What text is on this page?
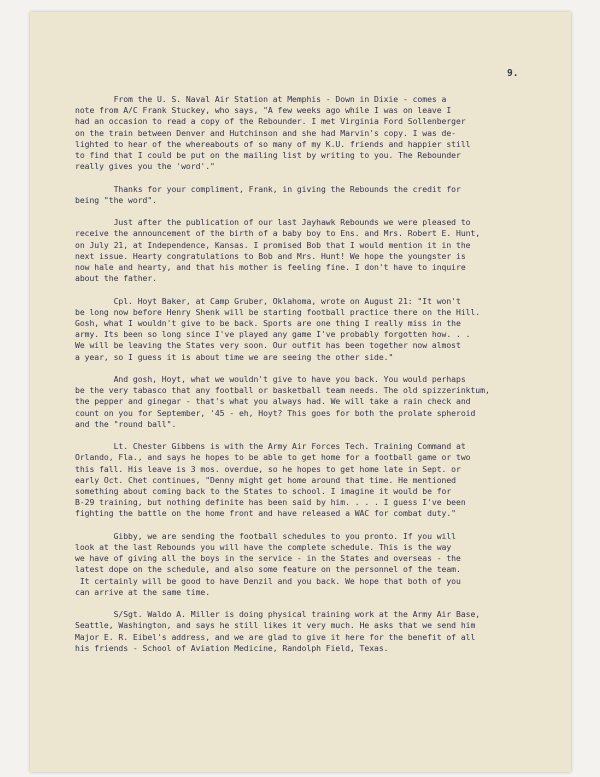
9.
From the U. S. Naval Air Station at Memphis - Down in Dixie - comes a
note from A/C Frank Stuckey, who says, "A few weeks ago while I was on leave I
had an occasion to read a copy of the Rebounder. I met Virginia Ford Sollenberger
on the train between Denver and Hutchinson and she had Marvin's copy. I was de-
lighted to hear of the whereabouts of so many of my K.U. friends and happier still
to find that I could be put on the mailing list by writing to you. The Rebounder
really gives you the 'word'."
Thanks for your compliment, Frank, in giving the Rebounds the credit for
being "the word".
Just after the publication of our last Jayhawk Rebounds we were pleased to
receive the announcement of the birth of a baby boy to Ens. and Mrs. Robert E. Hunt,
on July 21, at Independence, Kansas. I promised Bob that I would mention it in the
next issue. Hearty congratulations to Bob and Mrs. Hunt! We hope the youngster is
now hale and hearty, and that his mother is feeling fine. I don't have to inquire
about the father.
Cpl. Hoyt Baker, at Camp Gruber, Oklahoma, wrote on August 21: "It won't
be long now before Henry Shenk will be starting football practice there on the Hill.
Gosh, what I wouldn't give to be back. Sports are one thing I really miss in the
army. Its been so long since I've played any game I've probably forgotten how. . .
We will be leaving the States very soon. Our outfit has been together now almost
a year, so I guess it is about time we are seeing the other side."
And gosh, Hoyt, what we wouldn't give to have you back. You would perhaps
be the very tabasco that any football or basketball team needs. The old spizzerinktum,
the pepper and ginegar - that's what you always had. We will take a rain check and
count on you for September, '45 - eh, Hoyt? This goes for both the prolate spheroid
and the "round ball".
Lt. Chester Gibbens is with the Army Air Forces Tech. Training Command at
Orlando, Fla., and says he hopes to be able to get home for a football game or two
this fall. His leave is 3 mos. overdue, so he hopes to get home late in Sept. or
early Oct. Chet continues, "Denny might get home around that time. He mentioned
something about coming back to the States to school. I imagine it would be for
B-29 training, but nothing definite has been said by him. . . . I guess I've been
fighting the battle on the home front and have released a WAC for combat duty."
Gibby, we are sending the football schedules to you pronto. If you will
look at the last Rebounds you will have the complete schedule. This is the way
we have of giving all the boys in the service - in the States and overseas - the
latest dope on the schedule, and also some feature on the personnel of the team.
It certainly will be good to have Denzil and you back. We hope that both of you
can arrive at the same time.
S/Sgt. Waldo A. Miller is doing physical training work at the Army Air Base,
Seattle, Washington, and says he still likes it very much. He asks that we send him
Major E. R. Eibel's address, and we are glad to give it here for the benefit of all
his friends - School of Aviation Medicine, Randolph Field, Texas.
